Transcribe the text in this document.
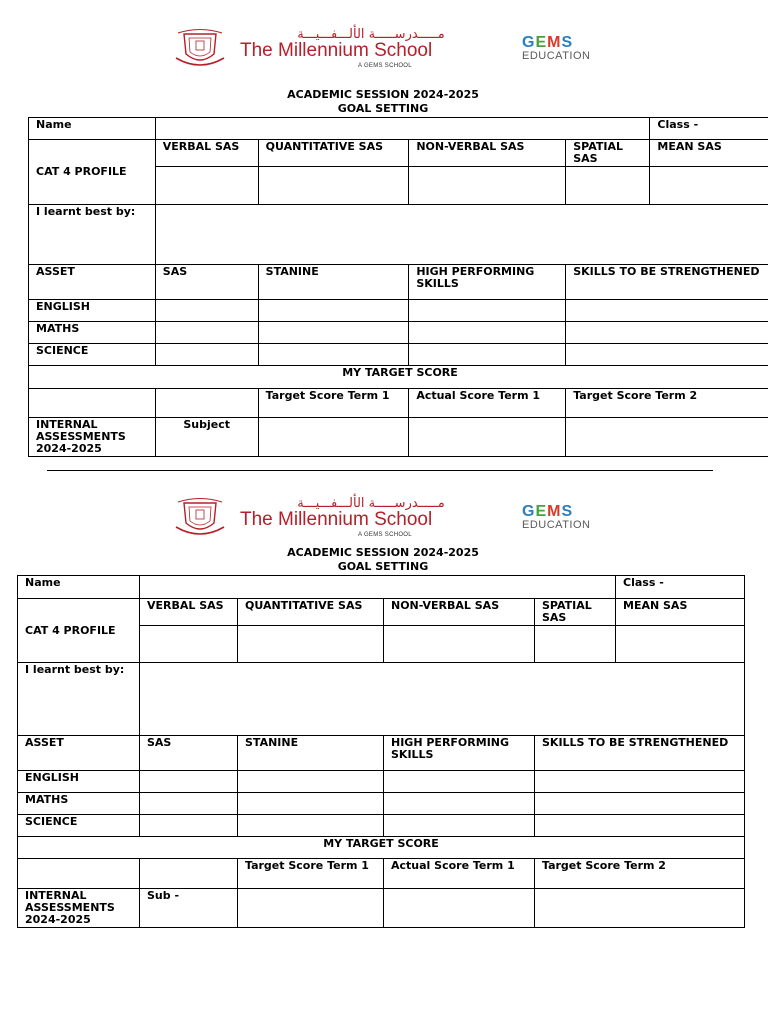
مـــــدرســـــة الألـــفـــيـــة
The Millennium School
A GEMS SCHOOL
GEMS
EDUCATION
ACADEMIC SESSION 2024-2025
GOAL SETTING
Name					Class -
CAT 4 PROFILE	VERBAL SAS	QUANTITATIVE SAS	NON-VERBAL SAS	SPATIAL SAS	MEAN SAS

I learnt best by:					
ASSET	SAS	STANINE	HIGH PERFORMING SKILLS	SKILLS TO BE STRENGTHENED	
ENGLISH					
MATHS					
SCIENCE					
MY TARGET SCORE					
		Target Score Term 1	Actual Score Term 1	Target Score Term 2	
INTERNAL ASSESSMENTS 2024-2025	Subject				
مـــــدرســـــة الألـــفـــيـــة
The Millennium School
A GEMS SCHOOL
GEMS
EDUCATION
ACADEMIC SESSION 2024-2025
GOAL SETTING
Name					Class -
CAT 4 PROFILE	VERBAL SAS	QUANTITATIVE SAS	NON-VERBAL SAS	SPATIAL SAS	MEAN SAS

I learnt best by:					
ASSET	SAS	STANINE	HIGH PERFORMING SKILLS	SKILLS TO BE STRENGTHENED	
ENGLISH					
MATHS					
SCIENCE					
MY TARGET SCORE					
		Target Score Term 1	Actual Score Term 1	Target Score Term 2	
INTERNAL ASSESSMENTS 2024-2025	Sub -				
